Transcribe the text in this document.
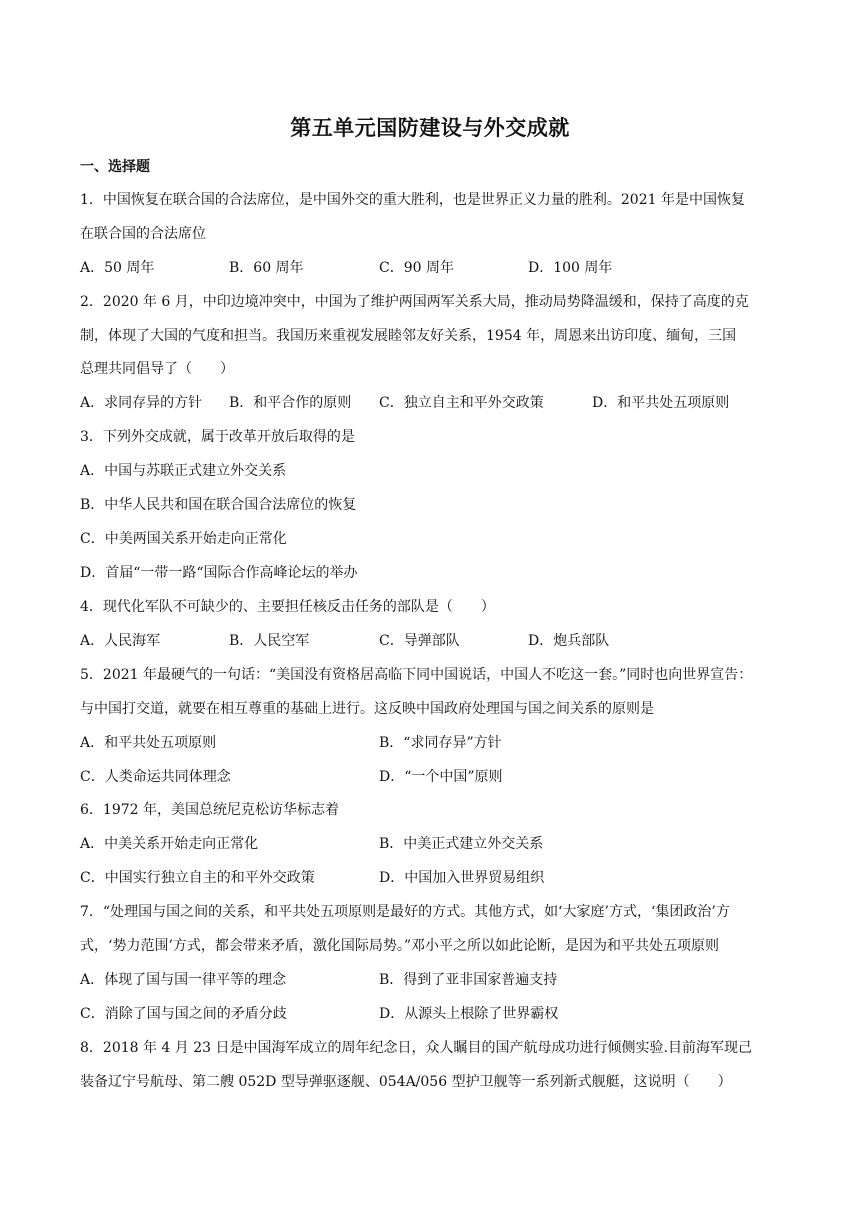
第五单元国防建设与外交成就
一、选择题
1．中国恢复在联合国的合法席位，是中国外交的重大胜利，也是世界正义力量的胜利。2021 年是中国恢复
在联合国的合法席位
A．50 周年	B．60 周年	C．90 周年	D．100 周年
2．2020 年 6 月，中印边境冲突中，中国为了维护两国两军关系大局，推动局势降温缓和，保持了高度的克
制，体现了大国的气度和担当。我国历来重视发展睦邻友好关系，1954 年，周恩来出访印度、缅甸，三国
总理共同倡导了（　　）
A．求同存异的方针 B．和平合作的原则 C．独立自主和平外交政策	D．和平共处五项原则
3．下列外交成就，属于改革开放后取得的是
A．中国与苏联正式建立外交关系
B．中华人民共和国在联合国合法席位的恢复
C．中美两国关系开始走向正常化
D．首届“一带一路“国际合作高峰论坛的举办
4．现代化军队不可缺少的、主要担任核反击任务的部队是（　　）
A．人民海军	B．人民空军	C．导弹部队	D．炮兵部队
5．2021 年最硬气的一句话：“美国没有资格居高临下同中国说话，中国人不吃这一套。”同时也向世界宣告：
与中国打交道，就要在相互尊重的基础上进行。这反映中国政府处理国与国之间关系的原则是
A．和平共处五项原则	B．“求同存异”方针
C．人类命运共同体理念	D．“一个中国”原则
6．1972 年，美国总统尼克松访华标志着
A．中美关系开始走向正常化	B．中美正式建立外交关系
C．中国实行独立自主的和平外交政策	D．中国加入世界贸易组织
7．“处理国与国之间的关系，和平共处五项原则是最好的方式。其他方式，如‘大家庭’方式，‘集团政治’方
式，‘势力范围’方式，都会带来矛盾，激化国际局势。”邓小平之所以如此论断，是因为和平共处五项原则
A．体现了国与国一律平等的理念	B．得到了亚非国家普遍支持
C．消除了国与国之间的矛盾分歧	D．从源头上根除了世界霸权
8．2018 年 4 月 23 日是中国海军成立的周年纪念日，众人瞩目的国产航母成功进行倾侧实验.目前海军现己
装备辽宁号航母、第二艘 052D 型导弹驱逐舰、054A/056 型护卫舰等一系列新式舰艇，这说明（　　）
